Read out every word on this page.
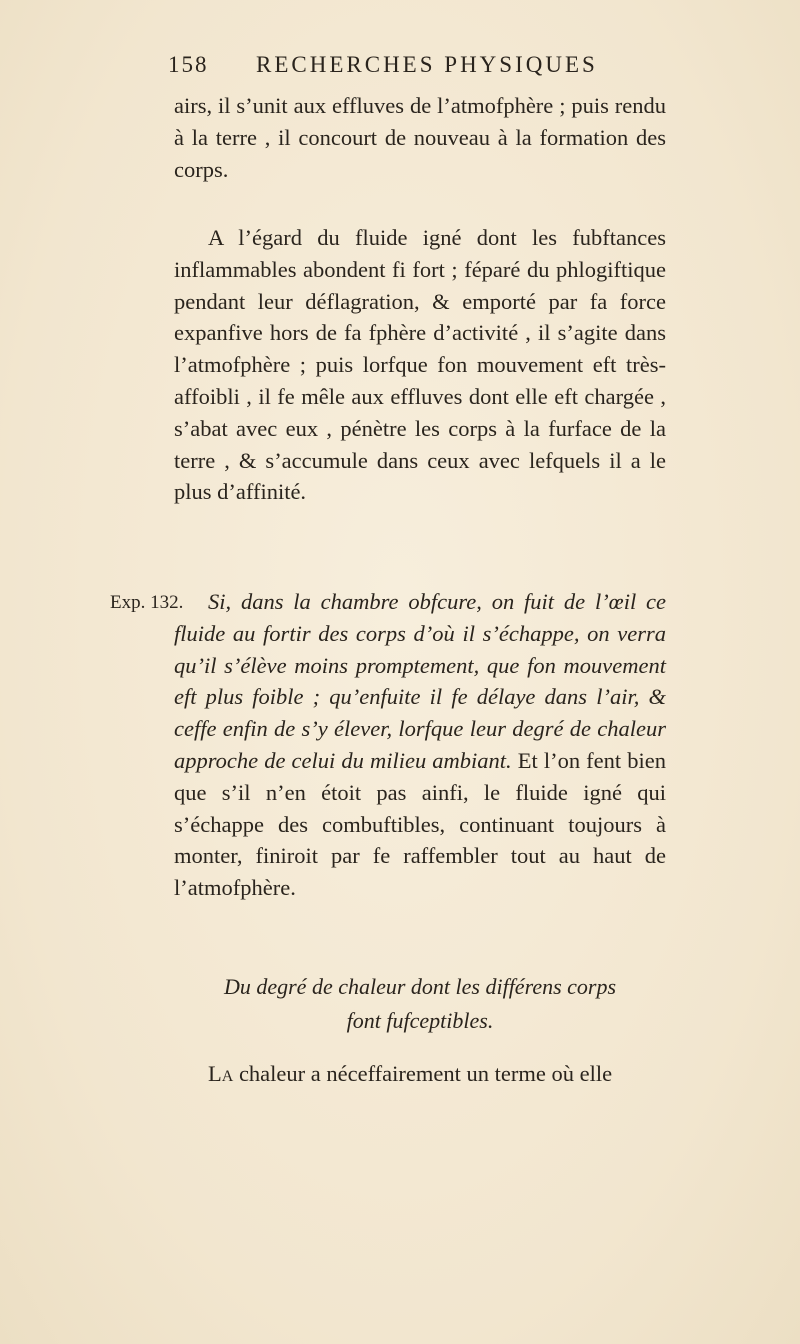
158 RECHERCHES PHYSIQUES
airs, il s’unit aux effluves de l’atmofphère ; puis rendu à la terre , il concourt de nouveau à la formation des corps.
A l’égard du fluide igné dont les fubftances inflammables abondent fi fort ; féparé du phlogiftique pendant leur déflagration, & emporté par fa force expanfive hors de fa fphère d’activité , il s’agite dans l’atmofphère ; puis lorfque fon mouvement eft très-affoibli , il fe mêle aux effluves dont elle eft chargée , s’abat avec eux , pénètre les corps à la furface de la terre , & s’accumule dans ceux avec lefquels il a le plus d’affinité.
Exp. 132.	Si, dans la chambre obfcure, on fuit de l’œil ce fluide au fortir des corps d’où il s’échappe, on verra qu’il s’élève moins promptement, que fon mouvement eft plus foible ; qu’enfuite il fe délaye dans l’air, & ceffe enfin de s’y élever, lorfque leur degré de chaleur approche de celui du milieu ambiant. Et l’on fent bien que s’il n’en étoit pas ainfi, le fluide igné qui s’échappe des combuftibles, continuant toujours à monter, finiroit par fe raffembler tout au haut de l’atmofphère.
Du degré de chaleur dont les différens corps
font fufceptibles.
La chaleur a néceffairement un terme où elle
